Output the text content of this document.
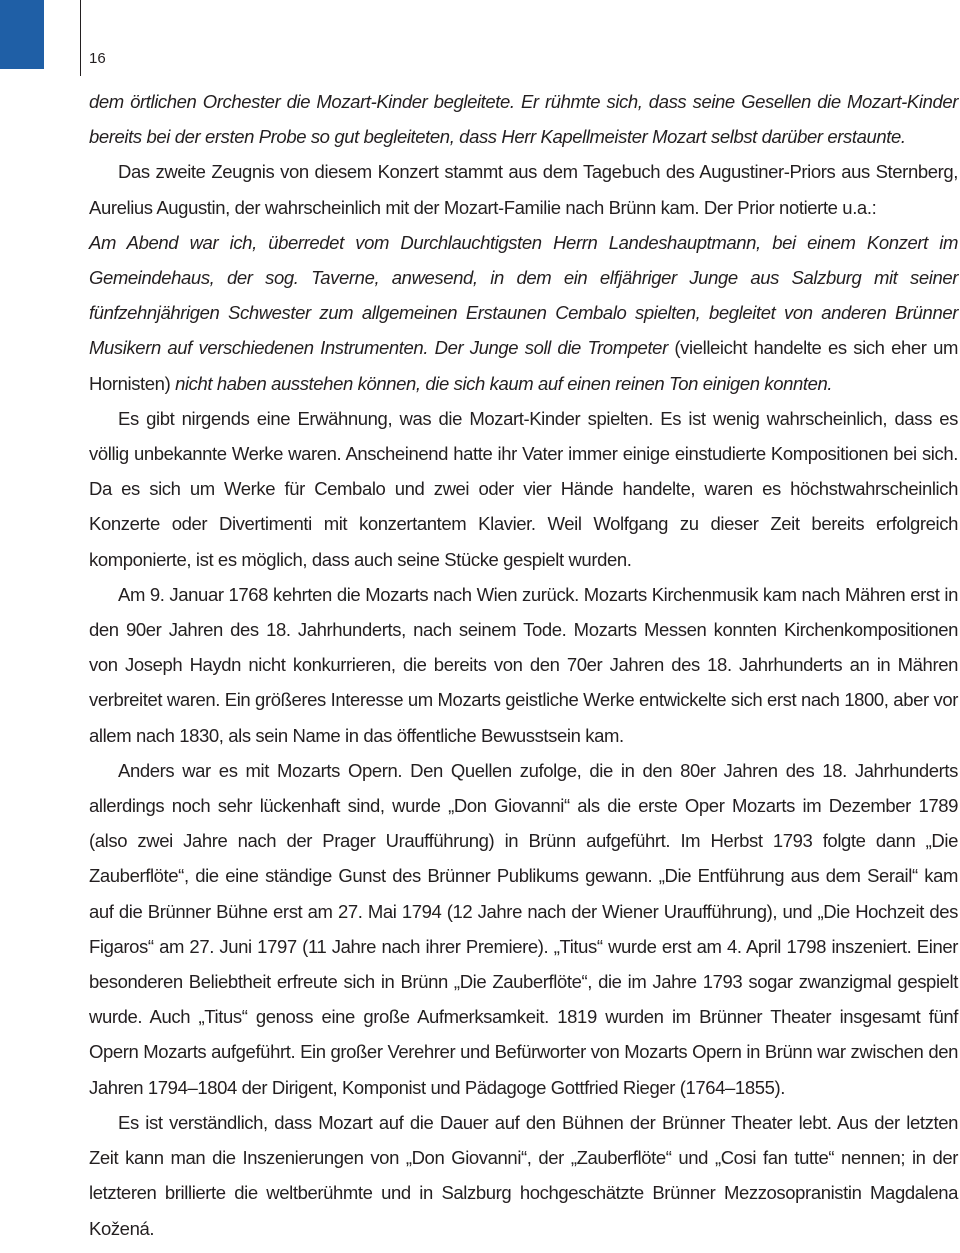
16

dem örtlichen Orchester die Mozart-Kinder begleitete. Er rühmte sich, dass seine Gesellen die Mozart-Kinder bereits bei der ersten Probe so gut begleiteten, dass Herr Kapellmeister Mozart selbst darüber erstaunte.

Das zweite Zeugnis von diesem Konzert stammt aus dem Tagebuch des Augustiner-Priors aus Sternberg, Aurelius Augustin, der wahrscheinlich mit der Mozart-Familie nach Brünn kam. Der Prior notierte u.a.:
Am Abend war ich, überredet vom Durchlauchtigsten Herrn Landeshauptmann, bei einem Konzert im Gemeindehaus, der sog. Taverne, anwesend, in dem ein elfjähriger Junge aus Salzburg mit seiner fünfzehnjährigen Schwester zum allgemeinen Erstaunen Cembalo spielten, begleitet von anderen Brünner Musikern auf verschiedenen Instrumenten. Der Junge soll die Trompeter (vielleicht handelte es sich eher um Hornisten) nicht haben ausstehen können, die sich kaum auf einen reinen Ton einigen konnten.

Es gibt nirgends eine Erwähnung, was die Mozart-Kinder spielten. Es ist wenig wahrscheinlich, dass es völlig unbekannte Werke waren. Anscheinend hatte ihr Vater immer einige einstudierte Kompositionen bei sich. Da es sich um Werke für Cembalo und zwei oder vier Hände handelte, waren es höchstwahrscheinlich Konzerte oder Divertimenti mit konzertantem Klavier. Weil Wolfgang zu dieser Zeit bereits erfolgreich komponierte, ist es möglich, dass auch seine Stücke gespielt wurden.

Am 9. Januar 1768 kehrten die Mozarts nach Wien zurück. Mozarts Kirchenmusik kam nach Mähren erst in den 90er Jahren des 18. Jahrhunderts, nach seinem Tode. Mozarts Messen konnten Kirchenkompositionen von Joseph Haydn nicht konkurrieren, die bereits von den 70er Jahren des 18. Jahrhunderts an in Mähren verbreitet waren. Ein größeres Interesse um Mozarts geistliche Werke entwickelte sich erst nach 1800, aber vor allem nach 1830, als sein Name in das öffentliche Bewusstsein kam.

Anders war es mit Mozarts Opern. Den Quellen zufolge, die in den 80er Jahren des 18. Jahrhunderts allerdings noch sehr lückenhaft sind, wurde „Don Giovanni“ als die erste Oper Mozarts im Dezember 1789 (also zwei Jahre nach der Prager Uraufführung) in Brünn aufgeführt. Im Herbst 1793 folgte dann „Die Zauberflöte“, die eine ständige Gunst des Brünner Publikums gewann. „Die Entführung aus dem Serail“ kam auf die Brünner Bühne erst am 27. Mai 1794 (12 Jahre nach der Wiener Uraufführung), und „Die Hochzeit des Figaros“ am 27. Juni 1797 (11 Jahre nach ihrer Premiere). „Titus“ wurde erst am 4. April 1798 inszeniert. Einer besonderen Beliebtheit erfreute sich in Brünn „Die Zauberflöte“, die im Jahre 1793 sogar zwanzigmal gespielt wurde. Auch „Titus“ genoss eine große Aufmerksamkeit. 1819 wurden im Brünner Theater insgesamt fünf Opern Mozarts aufgeführt. Ein großer Verehrer und Befürworter von Mozarts Opern in Brünn war zwischen den Jahren 1794–1804 der Dirigent, Komponist und Pädagoge Gottfried Rieger (1764–1855).

Es ist verständlich, dass Mozart auf die Dauer auf den Bühnen der Brünner Theater lebt. Aus der letzten Zeit kann man die Inszenierungen von „Don Giovanni“, der „Zauberflöte“ und „Cosi fan tutte“ nennen; in der letzteren brillierte die weltberühmte und in Salzburg hochgeschätzte Brünner Mezzosopranistin Magdalena Kožená.
